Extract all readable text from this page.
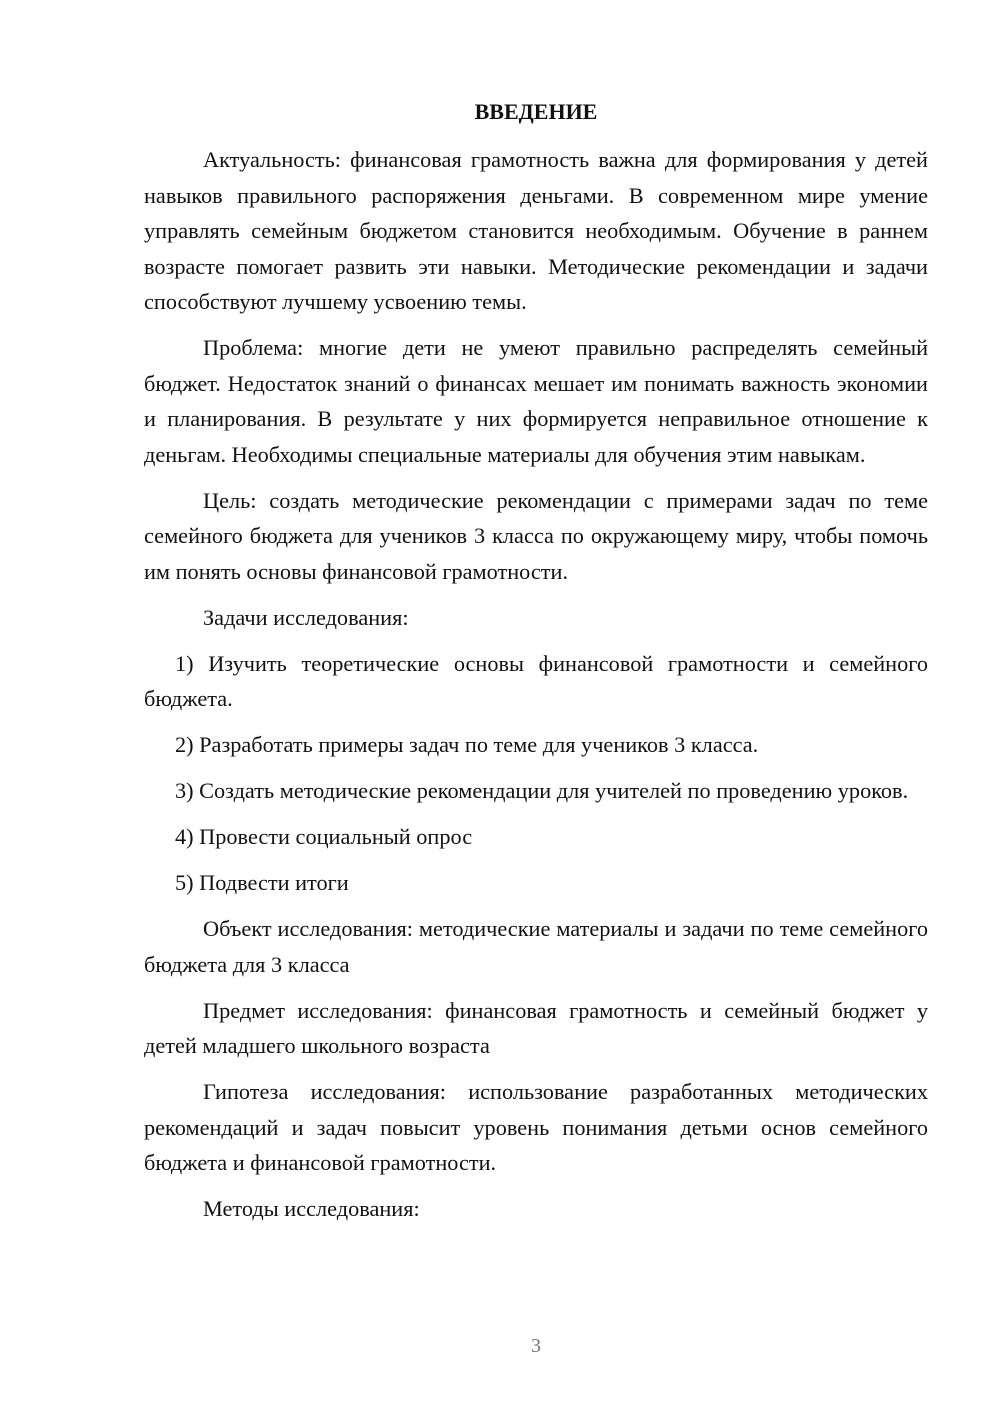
ВВЕДЕНИЕ

Актуальность: финансовая грамотность важна для формирования у детей навыков правильного распоряжения деньгами. В современном мире умение управлять семейным бюджетом становится необходимым. Обучение в раннем возрасте помогает развить эти навыки. Методические рекомендации и задачи способствуют лучшему усвоению темы.

Проблема: многие дети не умеют правильно распределять семейный бюджет. Недостаток знаний о финансах мешает им понимать важность экономии и планирования. В результате у них формируется неправильное отношение к деньгам. Необходимы специальные материалы для обучения этим навыкам.

Цель: создать методические рекомендации с примерами задач по теме семейного бюджета для учеников 3 класса по окружающему миру, чтобы помочь им понять основы финансовой грамотности.

Задачи исследования:

1) Изучить теоретические основы финансовой грамотности и семейного бюджета.

2) Разработать примеры задач по теме для учеников 3 класса.

3) Создать методические рекомендации для учителей по проведению уроков.

4) Провести социальный опрос

5) Подвести итоги

Объект исследования: методические материалы и задачи по теме семейного бюджета для 3 класса

Предмет исследования: финансовая грамотность и семейный бюджет у детей младшего школьного возраста

Гипотеза исследования: использование разработанных методических рекомендаций и задач повысит уровень понимания детьми основ семейного бюджета и финансовой грамотности.

Методы исследования:

3
